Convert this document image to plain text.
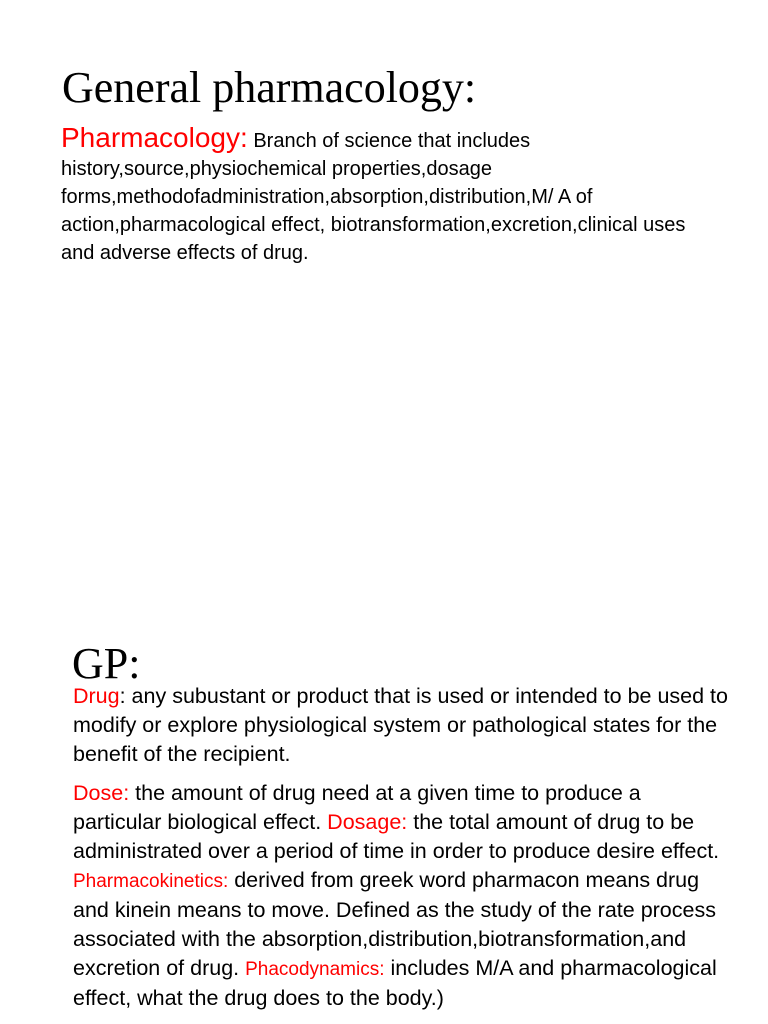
General pharmacology:

Pharmacology: Branch of science that includes history,source,physiochemical properties,dosage forms,methodofadministration,absorption,distribution,M/ A of action,pharmacological effect, biotransformation,excretion,clinical uses and adverse effects of drug.

GP:

Drug: any subustant or product that is used or intended to be used to modify or explore physiological system or pathological states for the benefit of the recipient.

Dose: the amount of drug need at a given time to produce a particular biological effect. Dosage: the total amount of drug to be administrated over a period of time in order to produce desire effect. Pharmacokinetics: derived from greek word pharmacon means drug and kinein means to move. Defined as the study of the rate process associated with the absorption,distribution,biotransformation,and excretion of drug. Phacodynamics: includes M/A and pharmacological effect, what the drug does to the body.)
